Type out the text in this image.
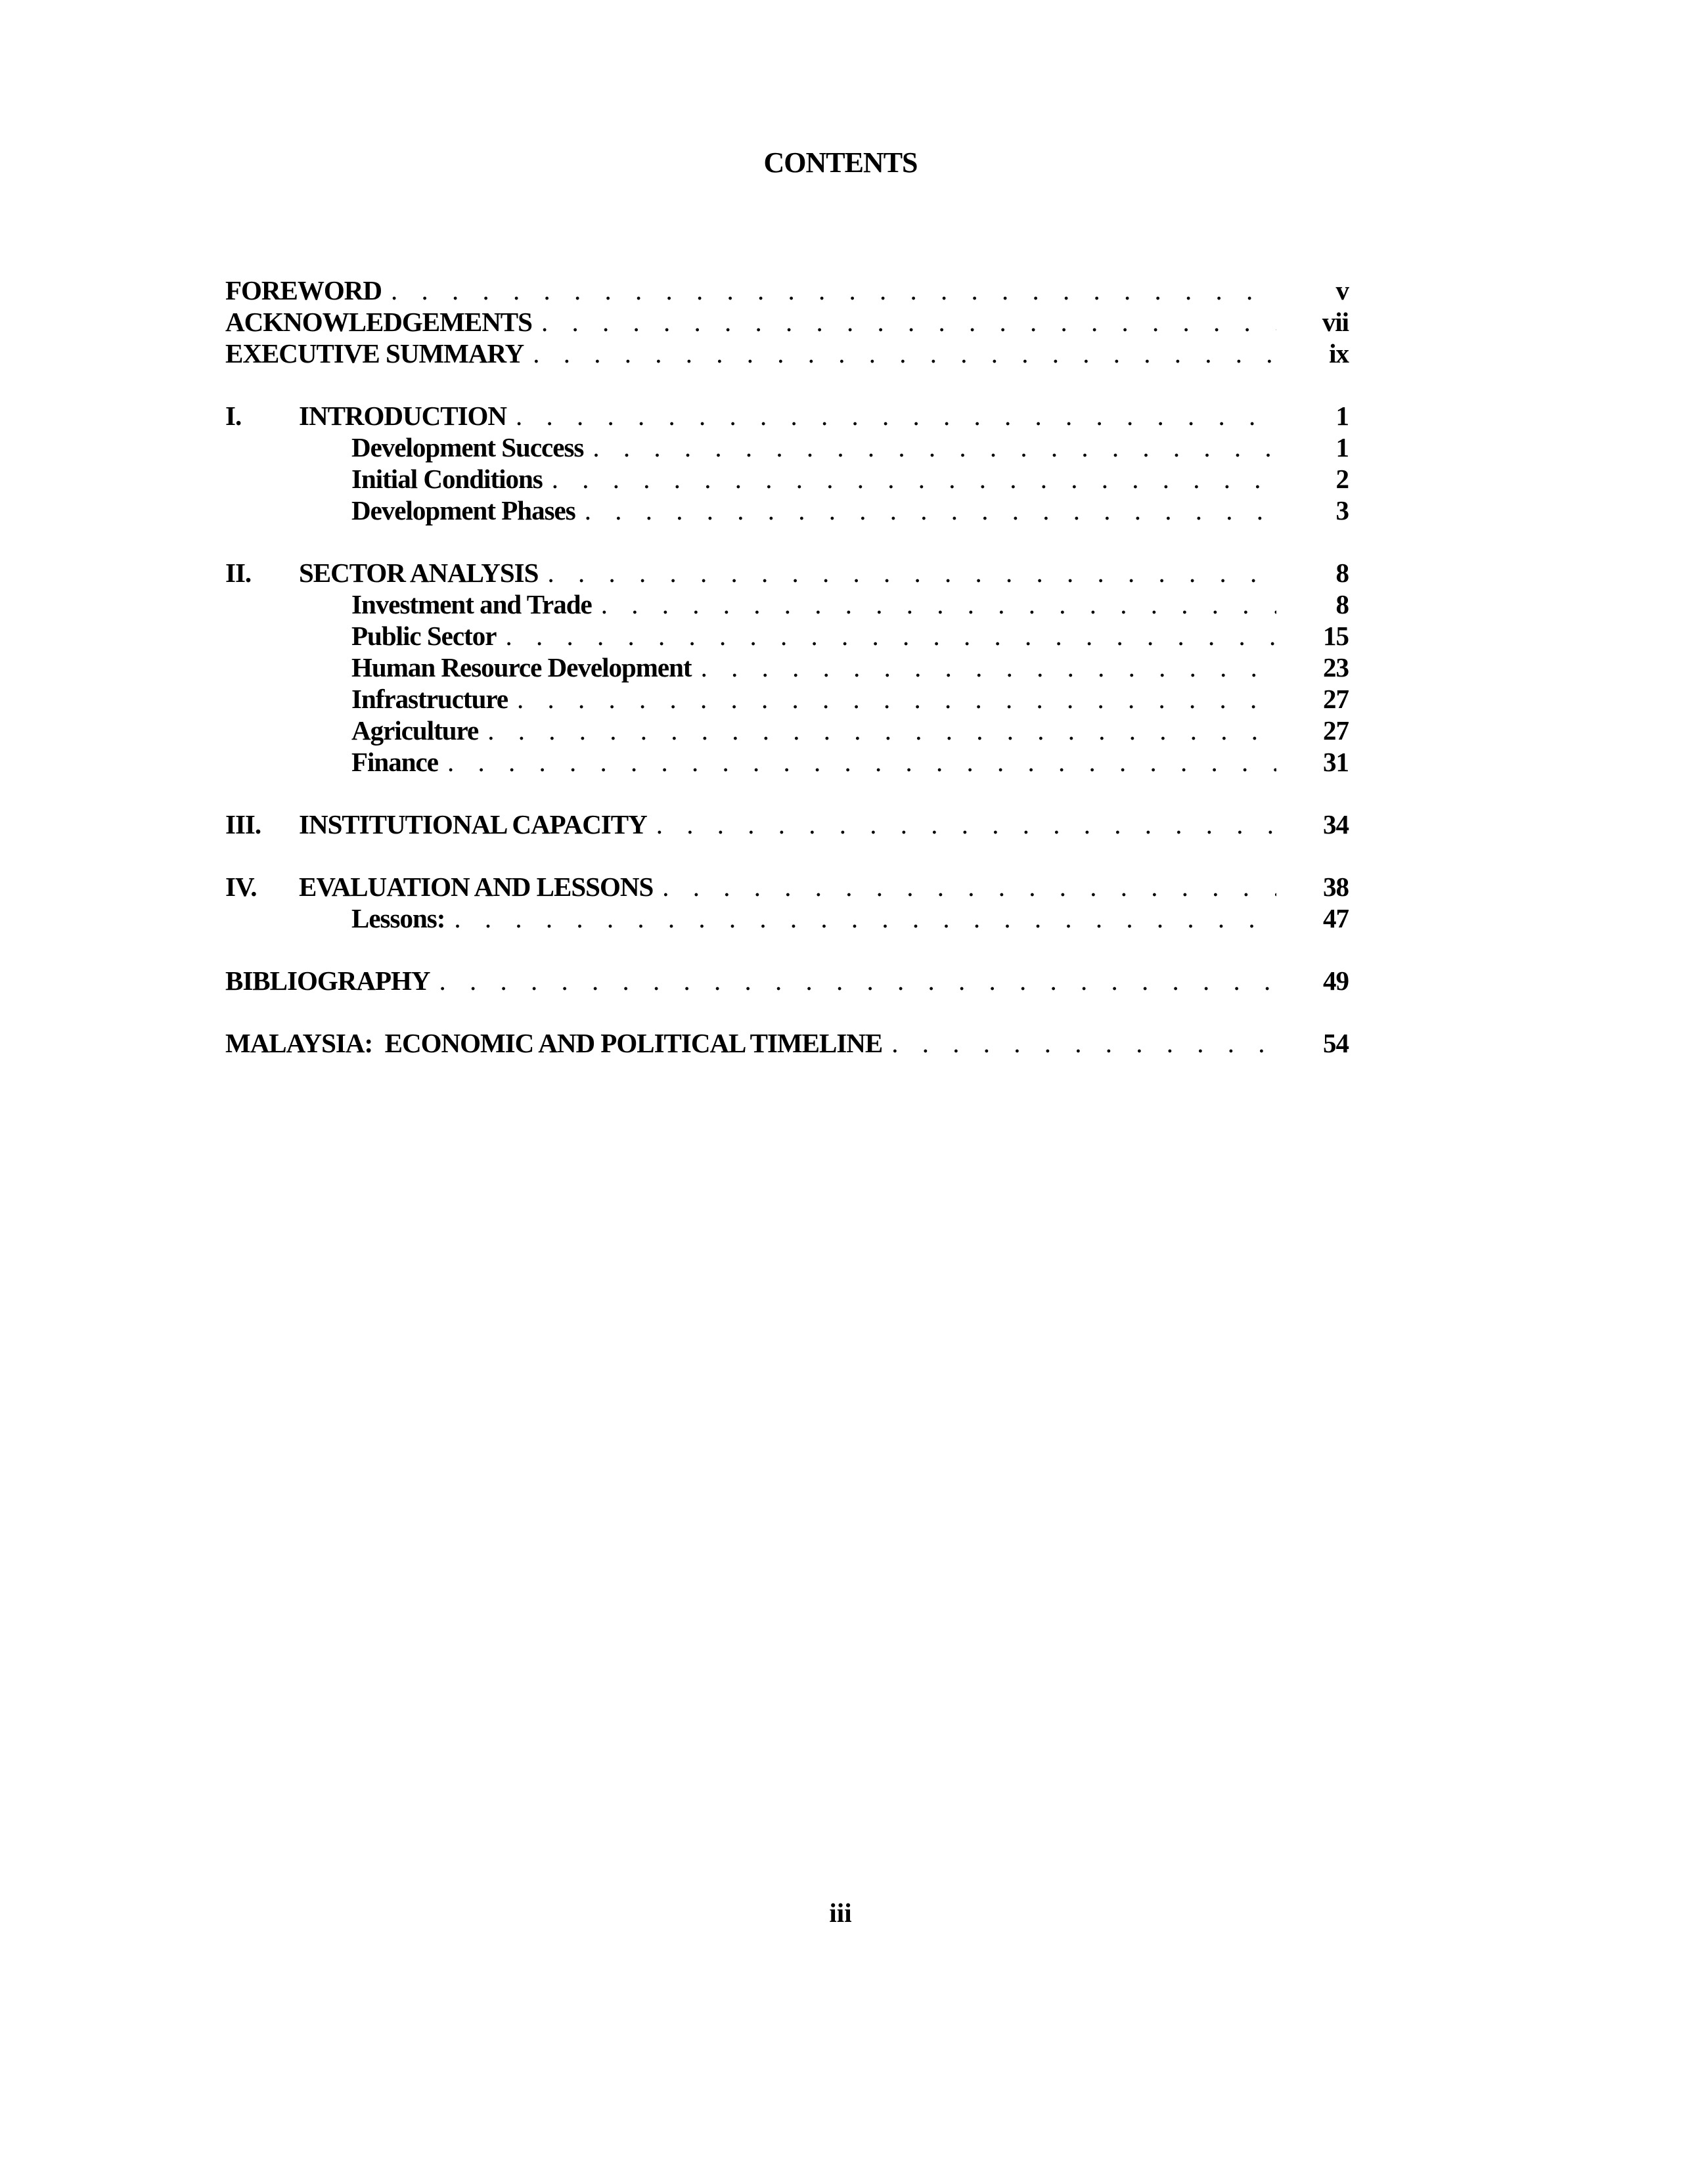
CONTENTS
FOREWORD . . .	v
ACKNOWLEDGEMENTS . . .	vii
EXECUTIVE SUMMARY . . .	ix
I.	INTRODUCTION . . .	1
Development Success . . .	1
Initial Conditions . . .	2
Development Phases . . .	3
II.	SECTOR ANALYSIS . . .	8
Investment and Trade . . .	8
Public Sector . . .	15
Human Resource Development . . .	23
Infrastructure . . .	27
Agriculture . . .	27
Finance . . .	31
III.	INSTITUTIONAL CAPACITY . . .	34
IV.	EVALUATION AND LESSONS . . .	38
Lessons: . . .	47
BIBLIOGRAPHY . . .	49
MALAYSIA:  ECONOMIC AND POLITICAL TIMELINE . . .	54
iii
